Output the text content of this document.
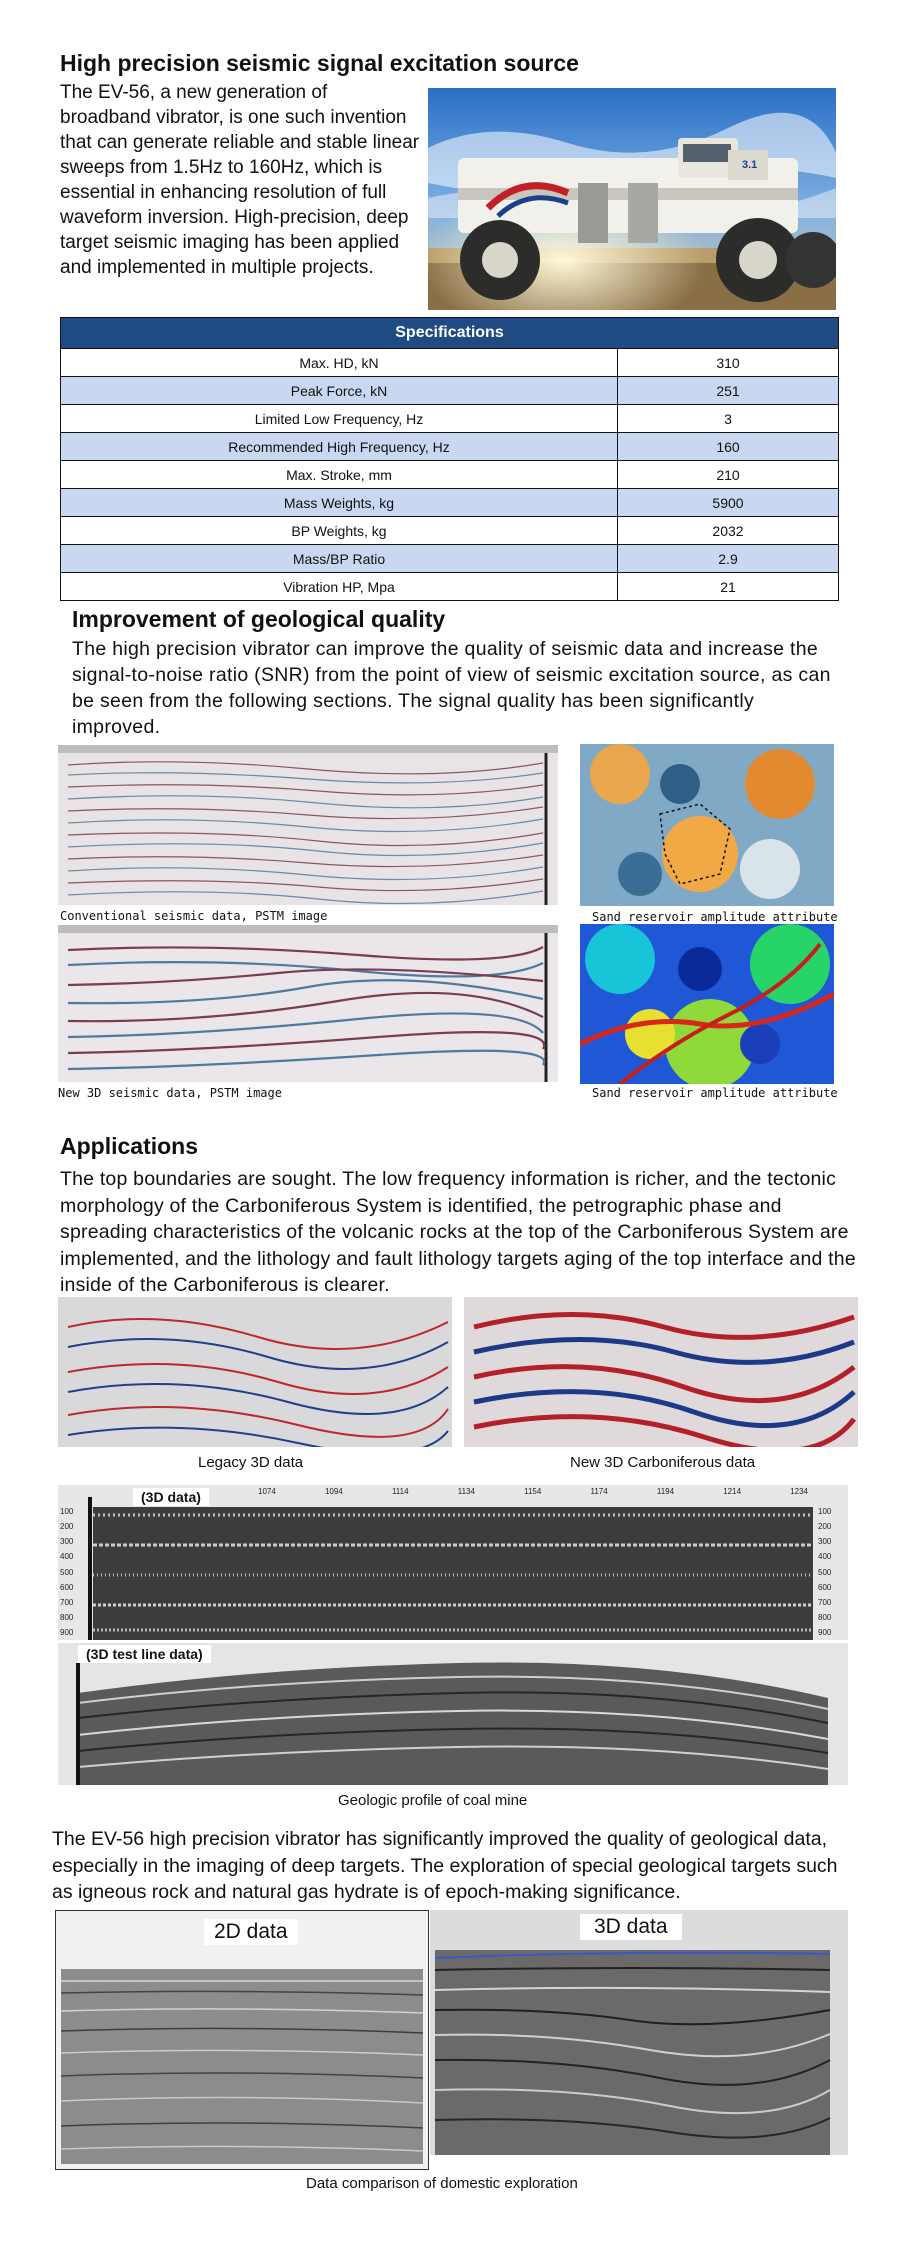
High precision seismic signal excitation source
The EV-56, a new generation of broadband vibrator, is one such invention that can generate reliable and stable linear sweeps from 1.5Hz to 160Hz, which is essential in enhancing resolution of full waveform inversion. High-precision, deep target seismic imaging has been applied and implemented in multiple projects.
3.1
Specifications	
Max. HD, kN	310
Peak Force, kN	251
Limited Low Frequency, Hz	3
Recommended High Frequency, Hz	160
Max. Stroke, mm	210
Mass Weights, kg	5900
BP Weights, kg	2032
Mass/BP Ratio	2.9
Vibration HP, Mpa	21
Improvement of geological quality
The high precision vibrator can improve the quality of seismic data and increase the signal-to-noise ratio (SNR) from the point of view of seismic excitation source, as can be seen from the following sections. The signal quality has been significantly improved.
Conventional seismic data, PSTM image	Sand reservoir amplitude attribute
New 3D seismic data, PSTM image	Sand reservoir amplitude attribute
Applications
The top boundaries are sought. The low frequency information is richer, and the tectonic morphology of the Carboniferous System is identified, the petrographic phase and spreading characteristics of the volcanic rocks at the top of the Carboniferous System are implemented, and the lithology and fault lithology targets aging of the top interface and the inside of the Carboniferous is clearer.
Legacy 3D data	New 3D Carboniferous data
(3D data)	1074	1094	1114	1134	1154	1174	1194	1214	1234
100
200
300
400
500
600
700
800
900
100
200
300
400
500
600
700
800
900
(3D test line data)
Geologic profile of coal mine
The EV-56 high precision vibrator has significantly improved the quality of geological data, especially in the imaging of deep targets. The exploration of special geological targets such as igneous rock and natural gas hydrate is of epoch-making significance.
2D data	3D data
Data comparison of domestic exploration
